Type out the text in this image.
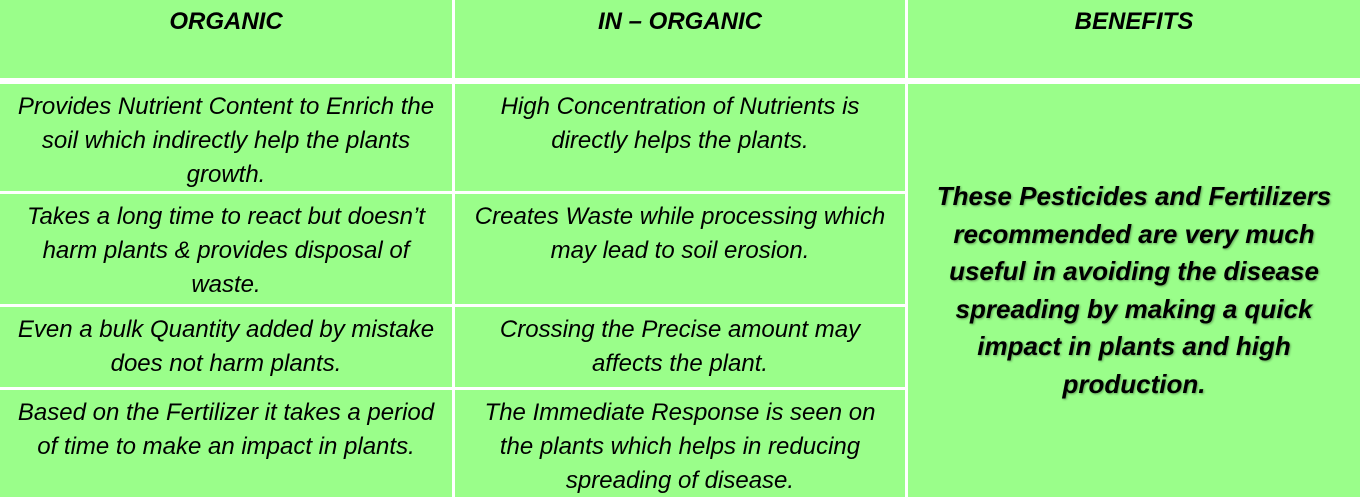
ORGANIC	IN – ORGANIC	BENEFITS
Provides Nutrient Content to Enrich the soil which indirectly help the plants growth.
High Concentration of Nutrients is directly helps the plants.
Takes a long time to react but doesn’t harm plants & provides disposal of waste.
Creates Waste while processing which may lead to soil erosion.
Even a bulk Quantity added by mistake does not harm plants.
Crossing the Precise amount may affects the plant.
Based on the Fertilizer it takes a period of time to make an impact in plants.
The Immediate Response is seen on the plants which helps in reducing spreading of disease.
These Pesticides and Fertilizers recommended are very much useful in avoiding the disease spreading by making a quick impact in plants and high production.
